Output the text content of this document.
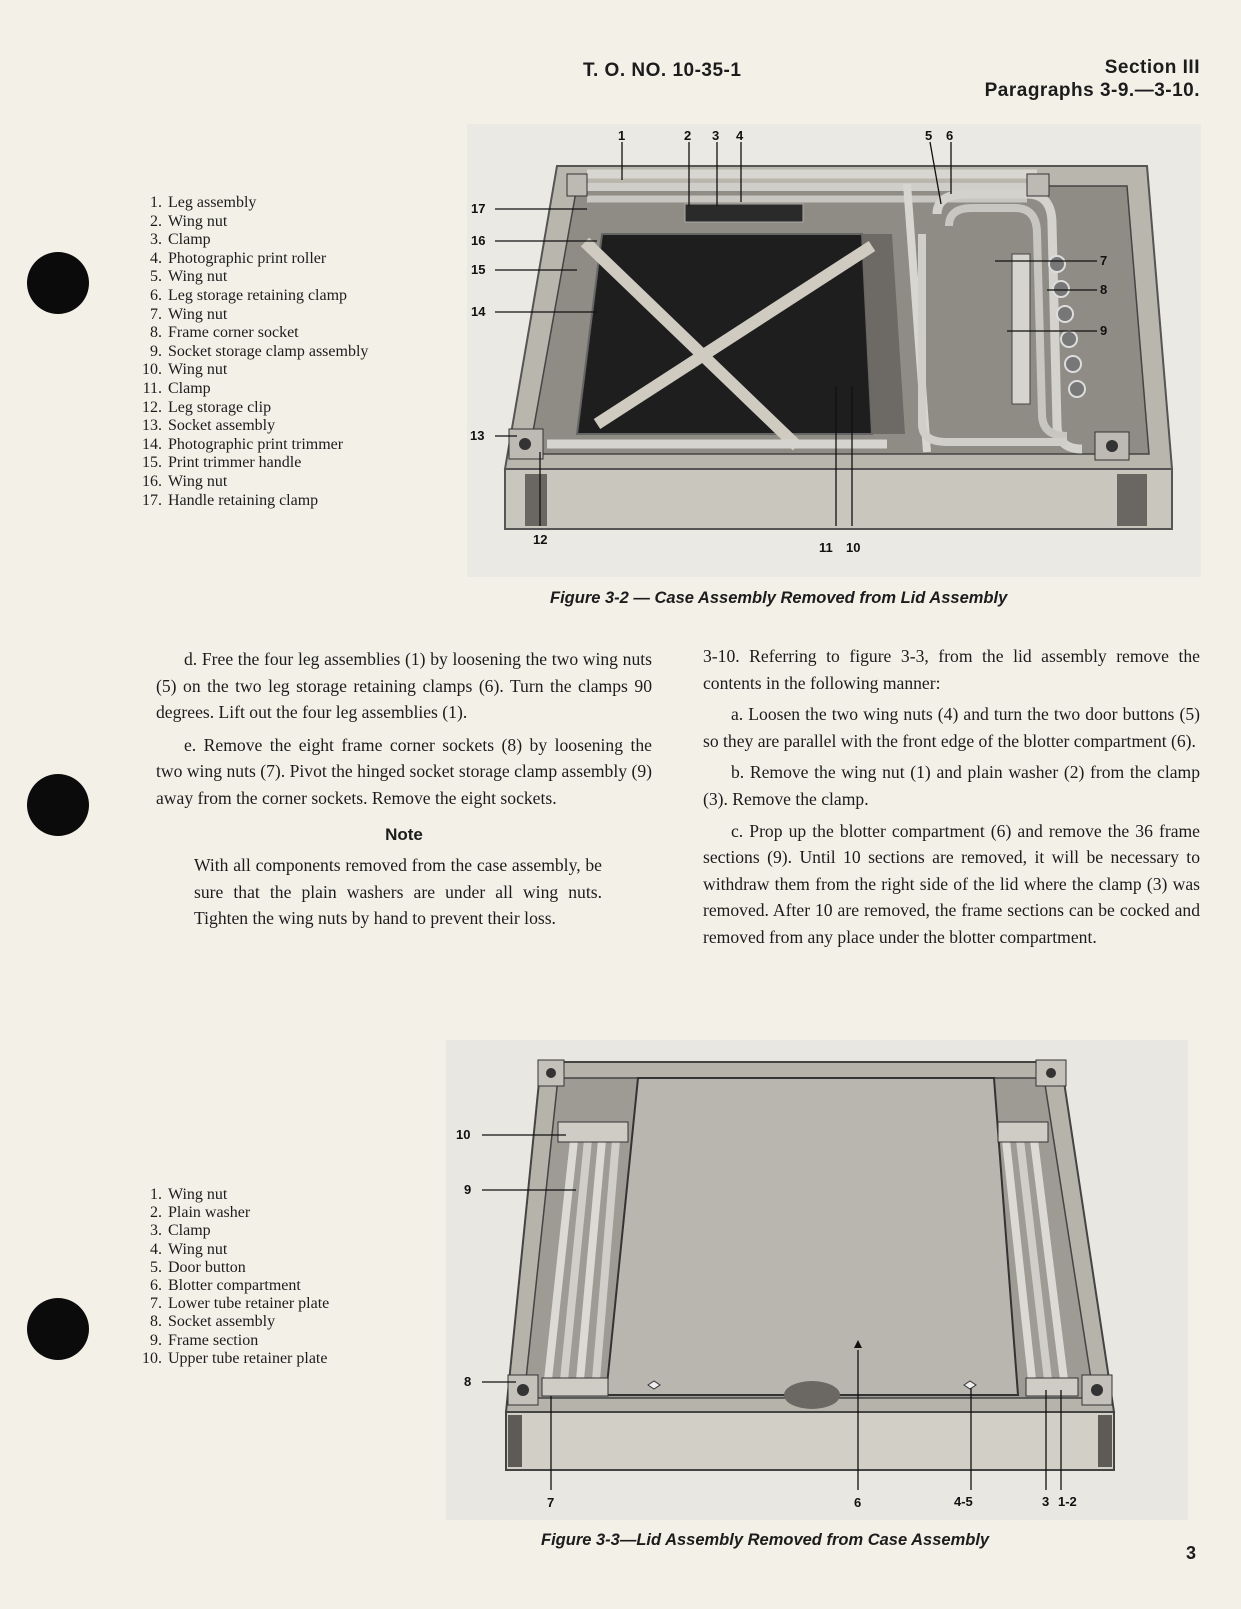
T. O. NO. 10-35-1	Section III
Paragraphs 3-9.—3-10.
1. Leg assembly
2. Wing nut
3. Clamp
4. Photographic print roller
5. Wing nut
6. Leg storage retaining clamp
7. Wing nut
8. Frame corner socket
9. Socket storage clamp assembly
10. Wing nut
11. Clamp
12. Leg storage clip
13. Socket assembly
14. Photographic print trimmer
15. Print trimmer handle
16. Wing nut
17. Handle retaining clamp
1	2 3 4	5 6
7
8
9
10
11
12
13
14
15
16
17
Figure 3-2 — Case Assembly Removed from Lid Assembly

d. Free the four leg assemblies (1) by loosening the two wing nuts (5) on the two leg storage retaining clamps (6). Turn the clamps 90 degrees. Lift out the four leg assemblies (1).

e. Remove the eight frame corner sockets (8) by loosening the two wing nuts (7). Pivot the hinged socket storage clamp assembly (9) away from the corner sockets. Remove the eight sockets.

Note

With all components removed from the case assembly, be sure that the plain washers are under all wing nuts. Tighten the wing nuts by hand to prevent their loss.

3-10. Referring to figure 3-3, from the lid assembly remove the contents in the following manner:

a. Loosen the two wing nuts (4) and turn the two door buttons (5) so they are parallel with the front edge of the blotter compartment (6).

b. Remove the wing nut (1) and plain washer (2) from the clamp (3). Remove the clamp.

c. Prop up the blotter compartment (6) and remove the 36 frame sections (9). Until 10 sections are removed, it will be necessary to withdraw them from the right side of the lid where the clamp (3) was removed. After 10 are removed, the frame sections can be cocked and removed from any place under the blotter compartment.

1. Wing nut
2. Plain washer
3. Clamp
4. Wing nut
5. Door button
6. Blotter compartment
7. Lower tube retainer plate
8. Socket assembly
9. Frame section
10. Upper tube retainer plate
10
9
8
7	6	4-5	3 1-2
Figure 3-3—Lid Assembly Removed from Case Assembly
3
